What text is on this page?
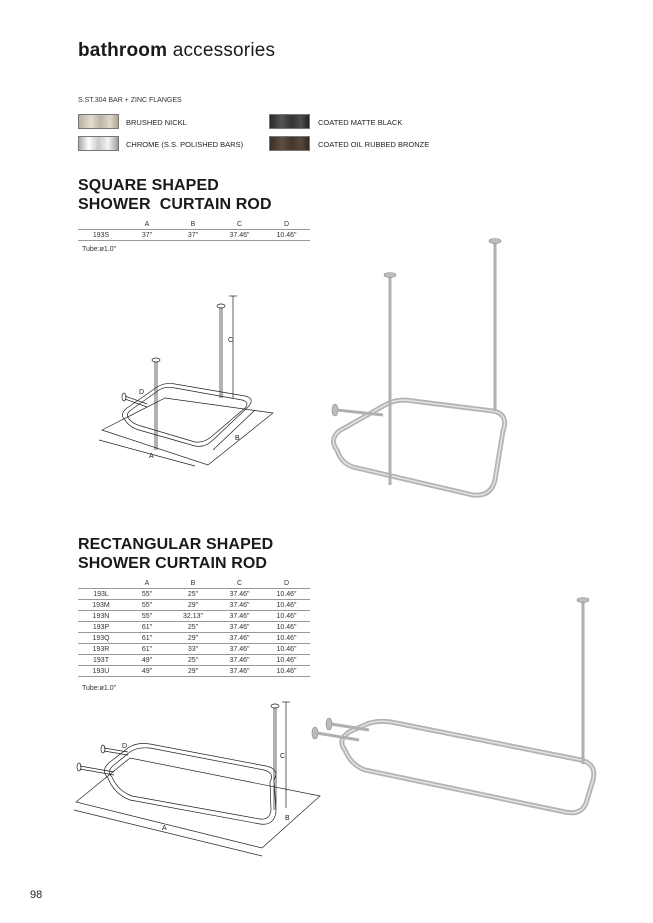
bathroom accessories
S.ST.304 BAR + ZINC FLANGES
BRUSHED NICKL	COATED MATTE BLACK
CHROME (S.S. POLISHED BARS)	COATED OIL RUBBED BRONZE
SQUARE SHAPED
SHOWER  CURTAIN ROD
	A	B	C	D
193S	37"	37"	37.46"	10.46"
Tube:ø1.0"
C
B
A
D
RECTANGULAR SHAPED
SHOWER CURTAIN ROD
	A	B	C	D
193L	55"	25"	37.46"	10.46"
193M	55"	29"	37.46"	10.46"
193N	55"	32.13"	37.46"	10.46"
193P	61"	25"	37.46"	10.46"
193Q	61"	29"	37.46"	10.46"
193R	61"	33"	37.46"	10.46"
193T	49"	25"	37.46"	10.46"
193U	49"	29"	37.46"	10.46"
Tube:ø1.0"
C
B
A
D
98
